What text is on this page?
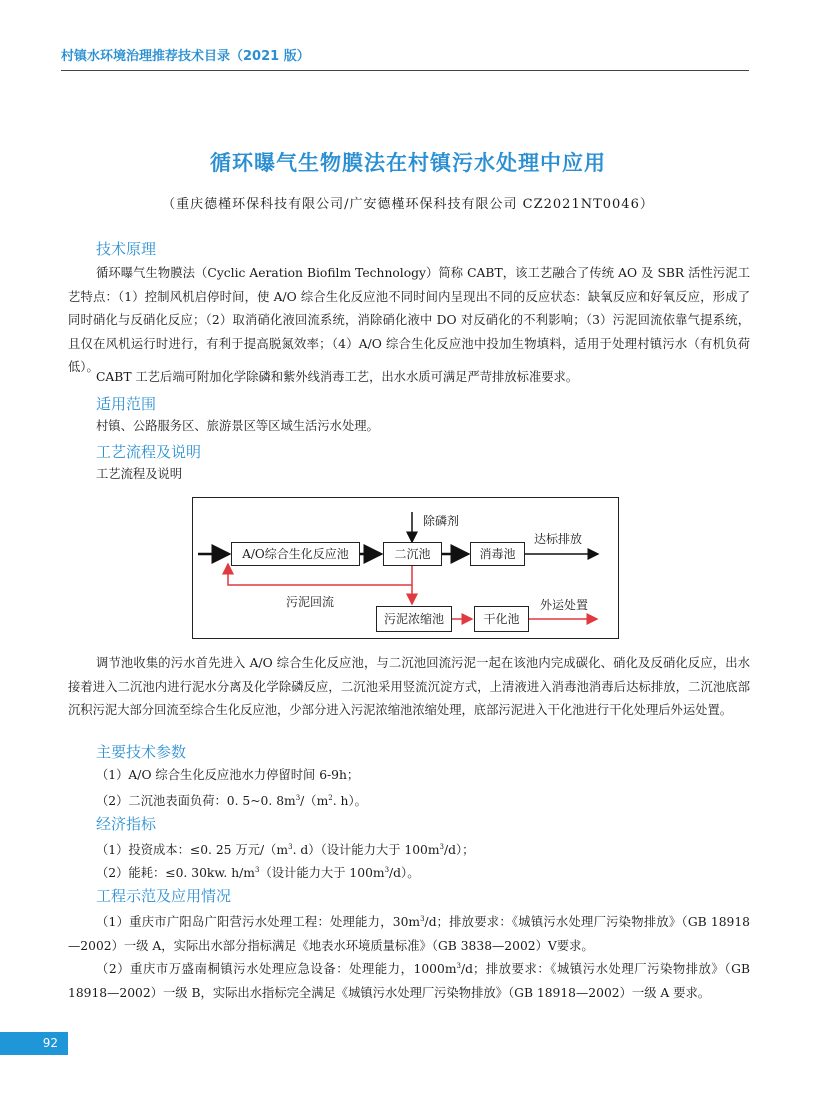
村镇水环境治理推荐技术目录（2021 版）
循环曝气生物膜法在村镇污水处理中应用
（重庆德槿环保科技有限公司/广安德槿环保科技有限公司 CZ2021NT0046）
技术原理
循环曝气生物膜法（Cyclic Aeration Biofilm Technology）简称 CABT，该工艺融合了传统 AO 及 SBR 活性污泥工艺特点：（1）控制风机启停时间，使 A/O 综合生化反应池不同时间内呈现出不同的反应状态：缺氧反应和好氧反应，形成了同时硝化与反硝化反应；（2）取消硝化液回流系统，消除硝化液中 DO 对反硝化的不利影响；（3）污泥回流依靠气提系统，且仅在风机运行时进行，有利于提高脱氮效率；（4）A/O 综合生化反应池中投加生物填料，适用于处理村镇污水（有机负荷低）。
CABT 工艺后端可附加化学除磷和紫外线消毒工艺，出水水质可满足严苛排放标准要求。
适用范围
村镇、公路服务区、旅游景区等区域生活污水处理。
工艺流程及说明
工艺流程及说明
A/O综合生化反应池	二沉池	消毒池
污泥浓缩池	干化池
除磷剂
达标排放
污泥回流	外运处置
调节池收集的污水首先进入 A/O 综合生化反应池，与二沉池回流污泥一起在该池内完成碳化、硝化及反硝化反应，出水接着进入二沉池内进行泥水分离及化学除磷反应，二沉池采用竖流沉淀方式，上清液进入消毒池消毒后达标排放，二沉池底部沉积污泥大部分回流至综合生化反应池，少部分进入污泥浓缩池浓缩处理，底部污泥进入干化池进行干化处理后外运处置。
主要技术参数
（1）A/O 综合生化反应池水力停留时间 6-9h；
（2）二沉池表面负荷：0. 5~0. $8m^3/(m^2$. h）。
经济指标
（1）投资成本：≤0. 25 万元$/(m^3$. d）（设计能力大于 $100m^3/d$）；
（2）能耗：≤0. 30kw. $h/m^3$（设计能力大于 $100m^3/d$）。
工程示范及应用情况
（1）重庆市广阳岛广阳营污水处理工程：处理能力，$30m^3/d$；排放要求：《城镇污水处理厂污染物排放》（GB 18918—2002）一级 A，实际出水部分指标满足《地表水环境质量标准》（GB 3838—2002）Ⅴ要求。
（2）重庆市万盛南桐镇污水处理应急设备：处理能力，$1000m^3/d$；排放要求：《城镇污水处理厂污染物排放》（GB 18918—2002）一级 B，实际出水指标完全满足《城镇污水处理厂污染物排放》（GB 18918—2002）一级 A 要求。
92
